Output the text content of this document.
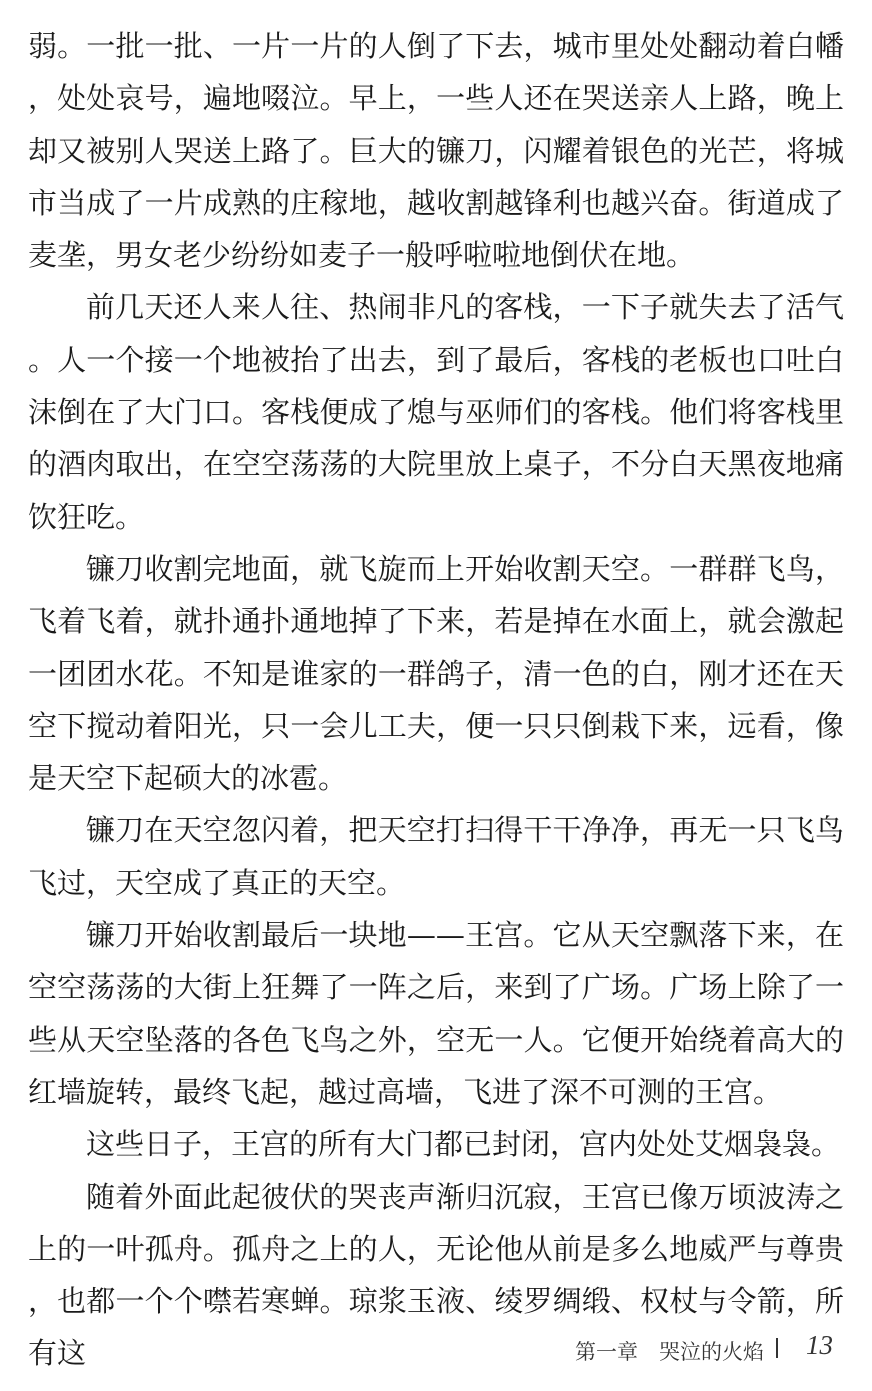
弱。一批一批、一片一片的人倒了下去，城市里处处翻动着白幡，处处哀号，遍地啜泣。早上，一些人还在哭送亲人上路，晚上却又被别人哭送上路了。巨大的镰刀，闪耀着银色的光芒，将城市当成了一片成熟的庄稼地，越收割越锋利也越兴奋。街道成了麦垄，男女老少纷纷如麦子一般呼啦啦地倒伏在地。

前几天还人来人往、热闹非凡的客栈，一下子就失去了活气。人一个接一个地被抬了出去，到了最后，客栈的老板也口吐白沫倒在了大门口。客栈便成了熄与巫师们的客栈。他们将客栈里的酒肉取出，在空空荡荡的大院里放上桌子，不分白天黑夜地痛饮狂吃。

镰刀收割完地面，就飞旋而上开始收割天空。一群群飞鸟，飞着飞着，就扑通扑通地掉了下来，若是掉在水面上，就会激起一团团水花。不知是谁家的一群鸽子，清一色的白，刚才还在天空下搅动着阳光，只一会儿工夫，便一只只倒栽下来，远看，像是天空下起硕大的冰雹。

镰刀在天空忽闪着，把天空打扫得干干净净，再无一只飞鸟飞过，天空成了真正的天空。

镰刀开始收割最后一块地——王宫。它从天空飘落下来，在空空荡荡的大街上狂舞了一阵之后，来到了广场。广场上除了一些从天空坠落的各色飞鸟之外，空无一人。它便开始绕着高大的红墙旋转，最终飞起，越过高墙，飞进了深不可测的王宫。

这些日子，王宫的所有大门都已封闭，宫内处处艾烟袅袅。

随着外面此起彼伏的哭丧声渐归沉寂，王宫已像万顷波涛之上的一叶孤舟。孤舟之上的人，无论他从前是多么地威严与尊贵，也都一个个噤若寒蝉。琼浆玉液、绫罗绸缎、权杖与令箭，所有这	第一章　哭泣的火焰 13
